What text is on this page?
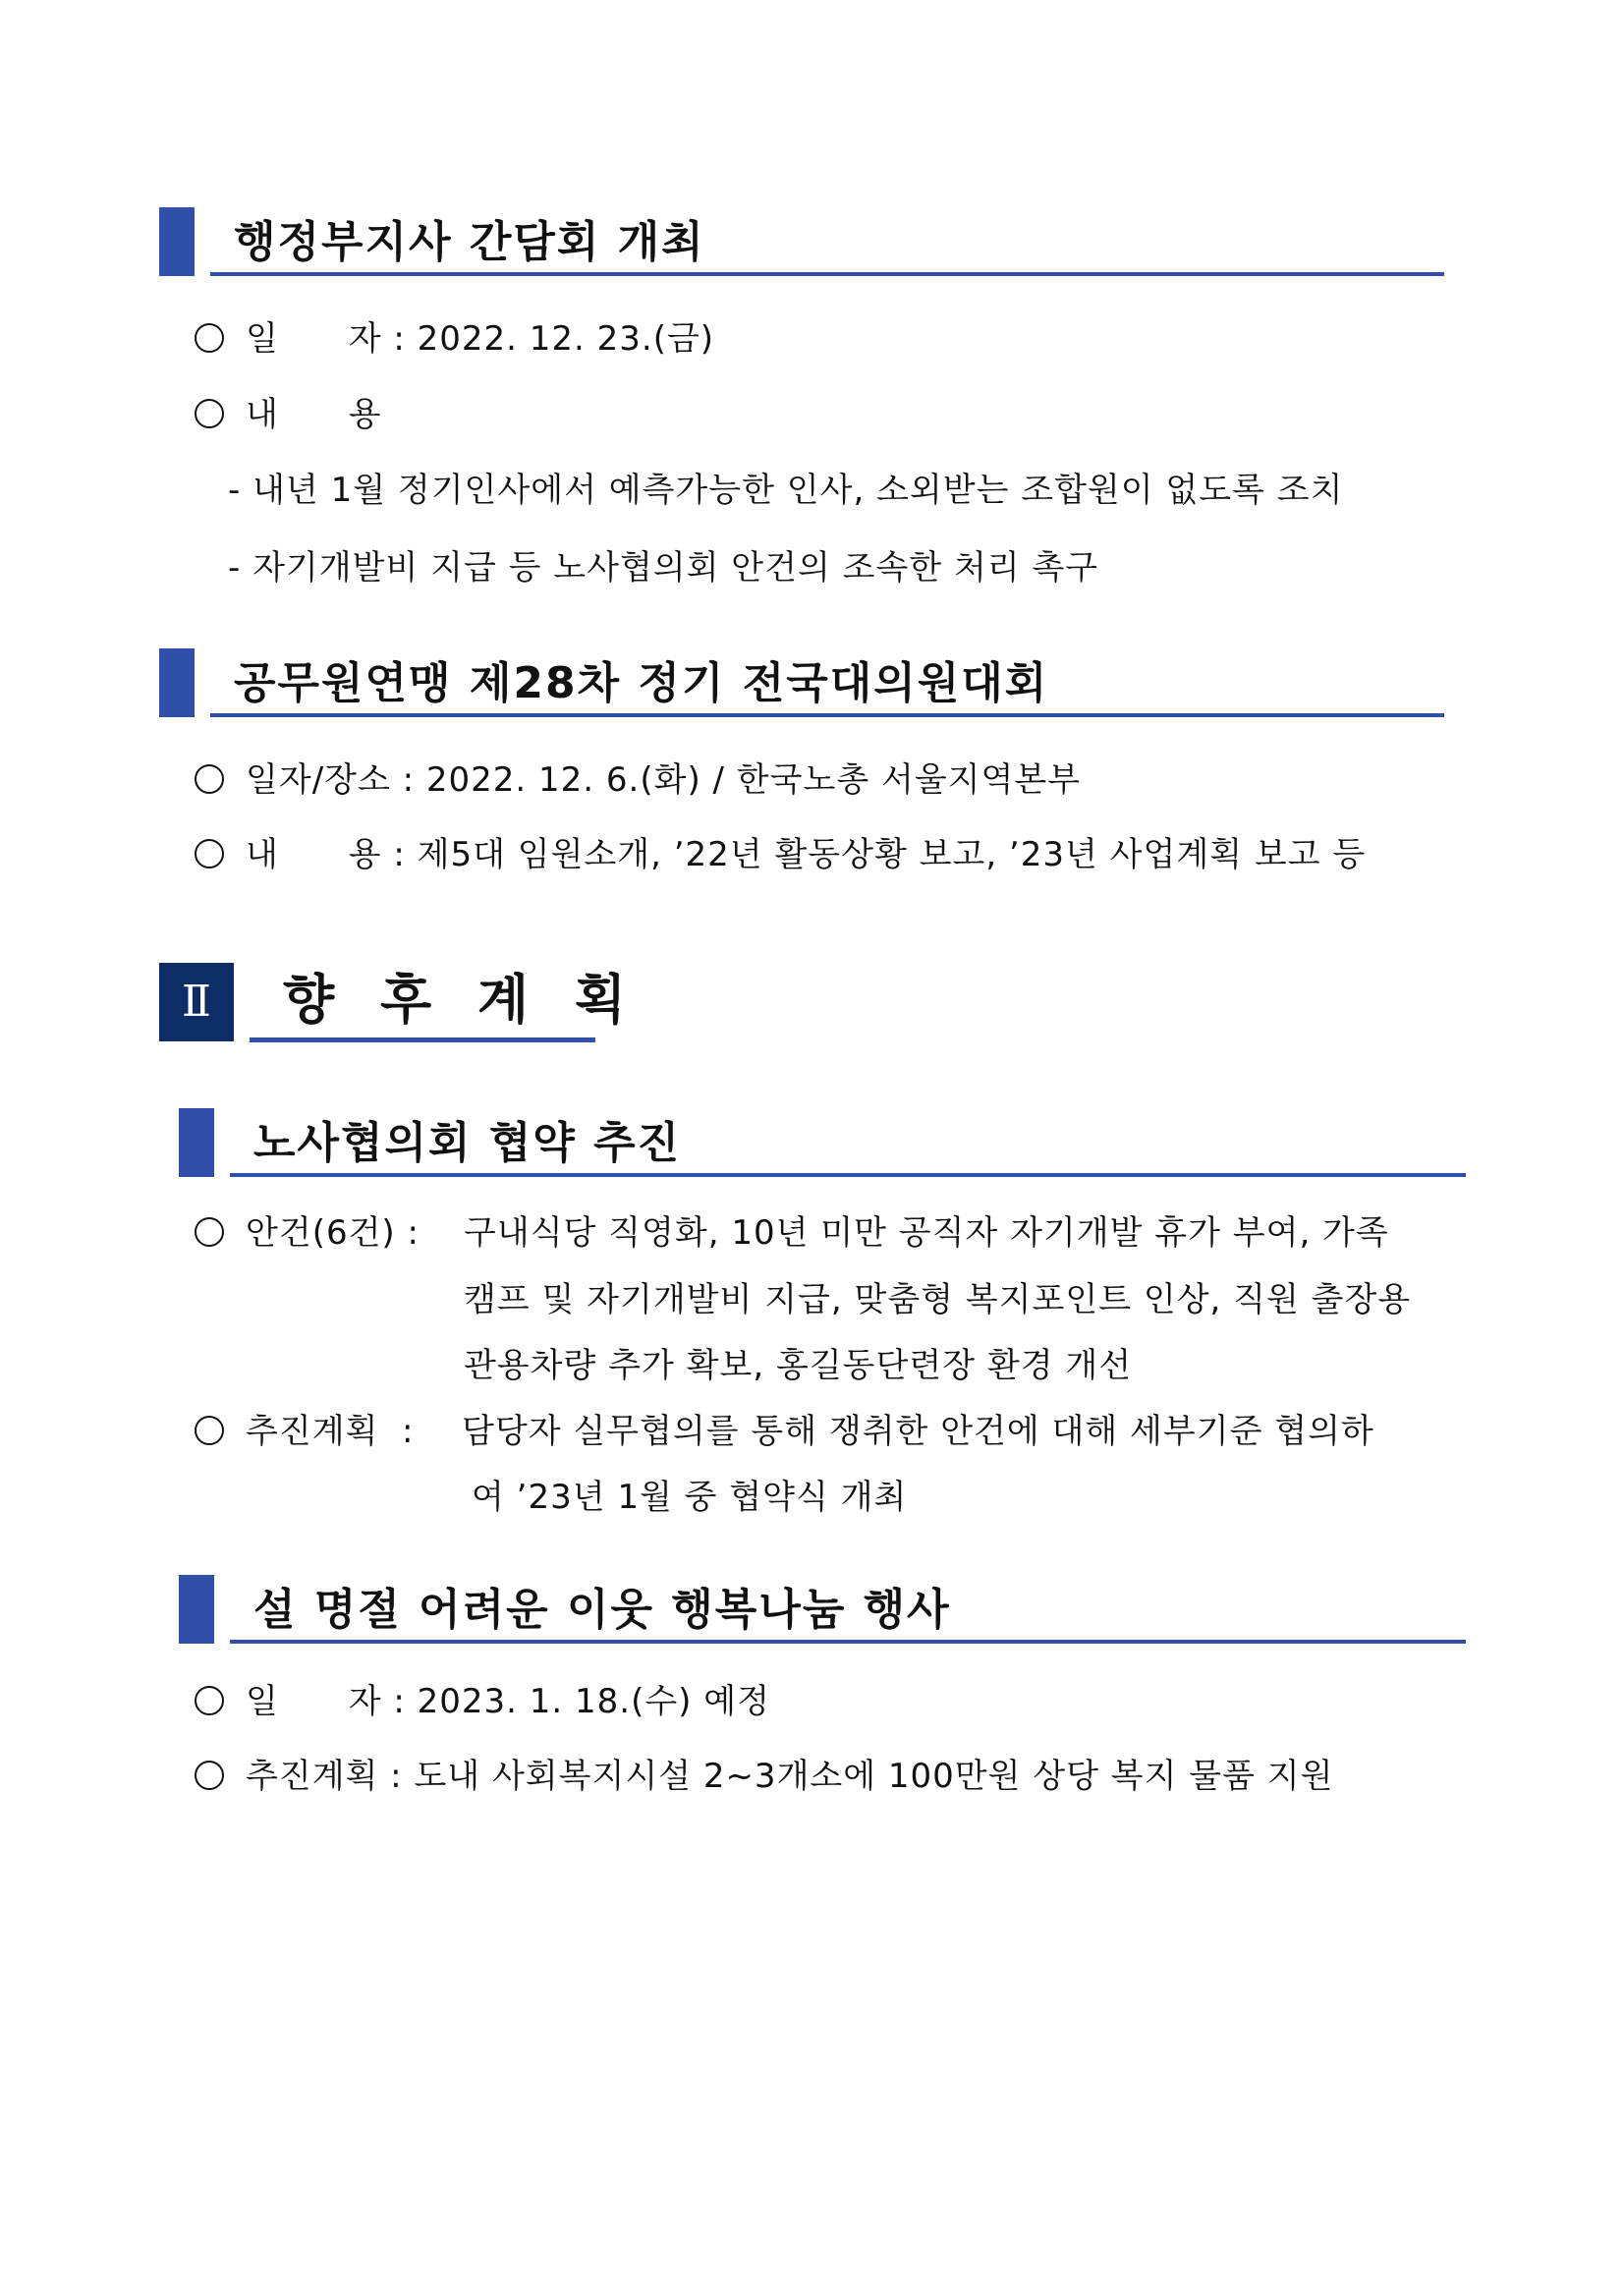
행정부지사 간담회 개최
일      자 : 2022. 12. 23.(금)
내      용
- 내년 1월 정기인사에서 예측가능한 인사, 소외받는 조합원이 없도록 조치
- 자기개발비 지급 등 노사협의회 안건의 조속한 처리 촉구
공무원연맹 제28차 정기 전국대의원대회
일자/장소 : 2022. 12. 6.(화) / 한국노총 서울지역본부
내      용 : 제5대 임원소개, ’22년 활동상황 보고, ’23년 사업계획 보고 등
Ⅱ	향 후 계 획
노사협의회 협약 추진
안건(6건) : 구내식당 직영화, 10년 미만 공직자 자기개발 휴가 부여, 가족
캠프 및 자기개발비 지급, 맞춤형 복지포인트 인상, 직원 출장용
관용차량 추가 확보, 홍길동단련장 환경 개선
추진계획  : 담당자 실무협의를 통해 쟁취한 안건에 대해 세부기준 협의하
여 ’23년 1월 중 협약식 개최
설 명절 어려운 이웃 행복나눔 행사
일      자 : 2023. 1. 18.(수) 예정
추진계획 : 도내 사회복지시설 2~3개소에 100만원 상당 복지 물품 지원
